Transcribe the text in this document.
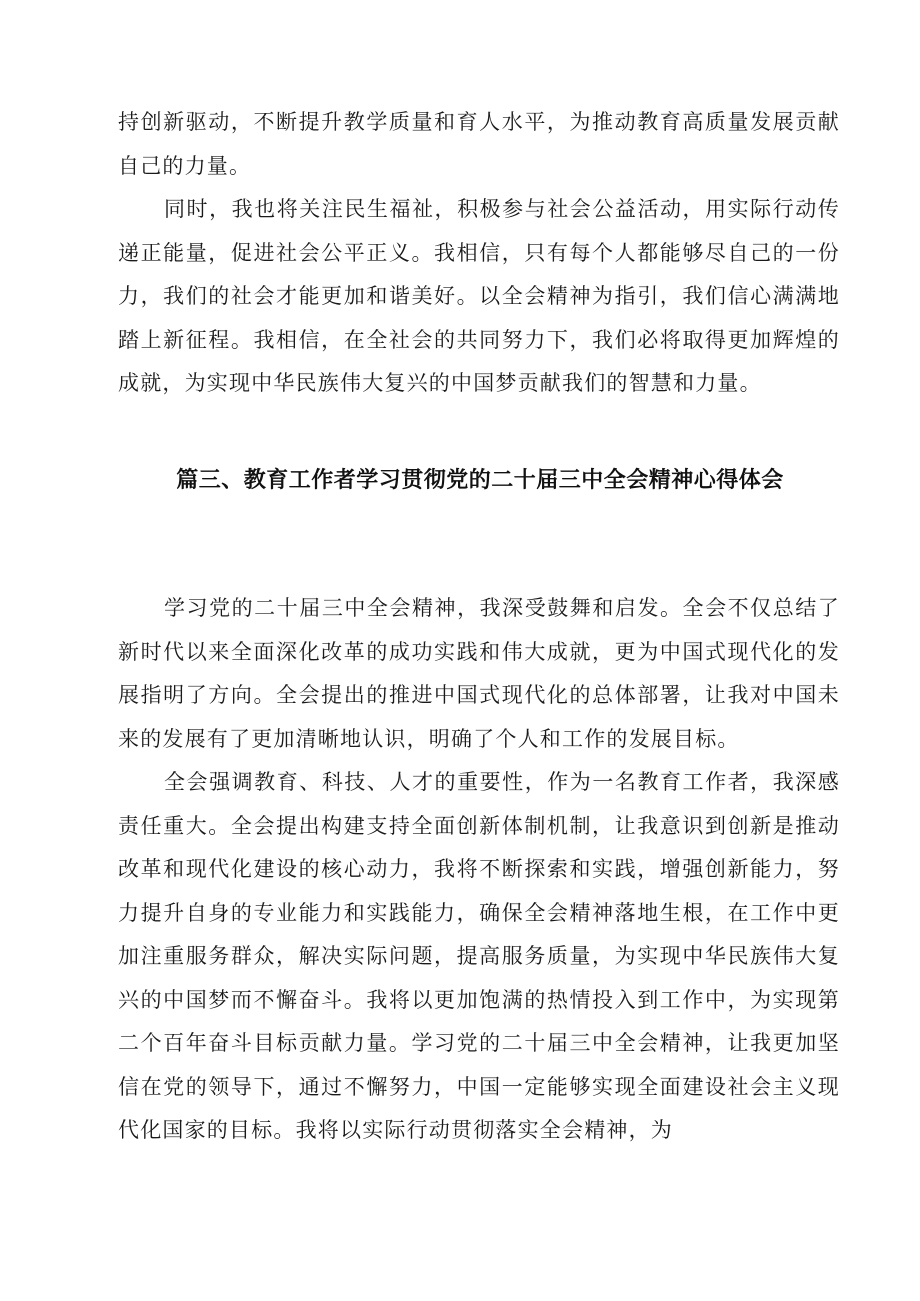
持创新驱动，不断提升教学质量和育人水平，为推动教育高质量发展贡献自己的力量。

同时，我也将关注民生福祉，积极参与社会公益活动，用实际行动传递正能量，促进社会公平正义。我相信，只有每个人都能够尽自己的一份力，我们的社会才能更加和谐美好。以全会精神为指引，我们信心满满地踏上新征程。我相信，在全社会的共同努力下，我们必将取得更加辉煌的成就，为实现中华民族伟大复兴的中国梦贡献我们的智慧和力量。

篇三、教育工作者学习贯彻党的二十届三中全会精神心得体会

学习党的二十届三中全会精神，我深受鼓舞和启发。全会不仅总结了新时代以来全面深化改革的成功实践和伟大成就，更为中国式现代化的发展指明了方向。全会提出的推进中国式现代化的总体部署，让我对中国未来的发展有了更加清晰地认识，明确了个人和工作的发展目标。

全会强调教育、科技、人才的重要性，作为一名教育工作者，我深感责任重大。全会提出构建支持全面创新体制机制，让我意识到创新是推动改革和现代化建设的核心动力，我将不断探索和实践，增强创新能力，努力提升自身的专业能力和实践能力，确保全会精神落地生根，在工作中更加注重服务群众，解决实际问题，提高服务质量，为实现中华民族伟大复兴的中国梦而不懈奋斗。我将以更加饱满的热情投入到工作中，为实现第二个百年奋斗目标贡献力量。学习党的二十届三中全会精神，让我更加坚信在党的领导下，通过不懈努力，中国一定能够实现全面建设社会主义现代化国家的目标。我将以实际行动贯彻落实全会精神，为
